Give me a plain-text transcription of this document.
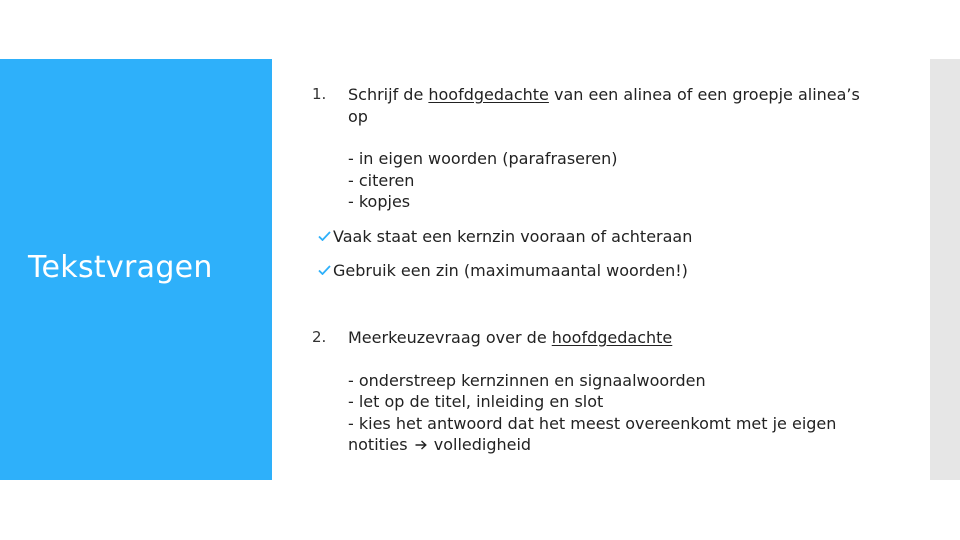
Tekstvragen
1. Schrijf de hoofdgedachte van een alinea of een groepje alinea’s
op
- in eigen woorden (parafraseren)
- citeren
- kopjes
Vaak staat een kernzin vooraan of achteraan
Gebruik een zin (maximumaantal woorden!)
2. Meerkeuzevraag over de hoofdgedachte
- onderstreep kernzinnen en signaalwoorden
- let op de titel, inleiding en slot
- kies het antwoord dat het meest overeenkomt met je eigen
notities volledigheid
